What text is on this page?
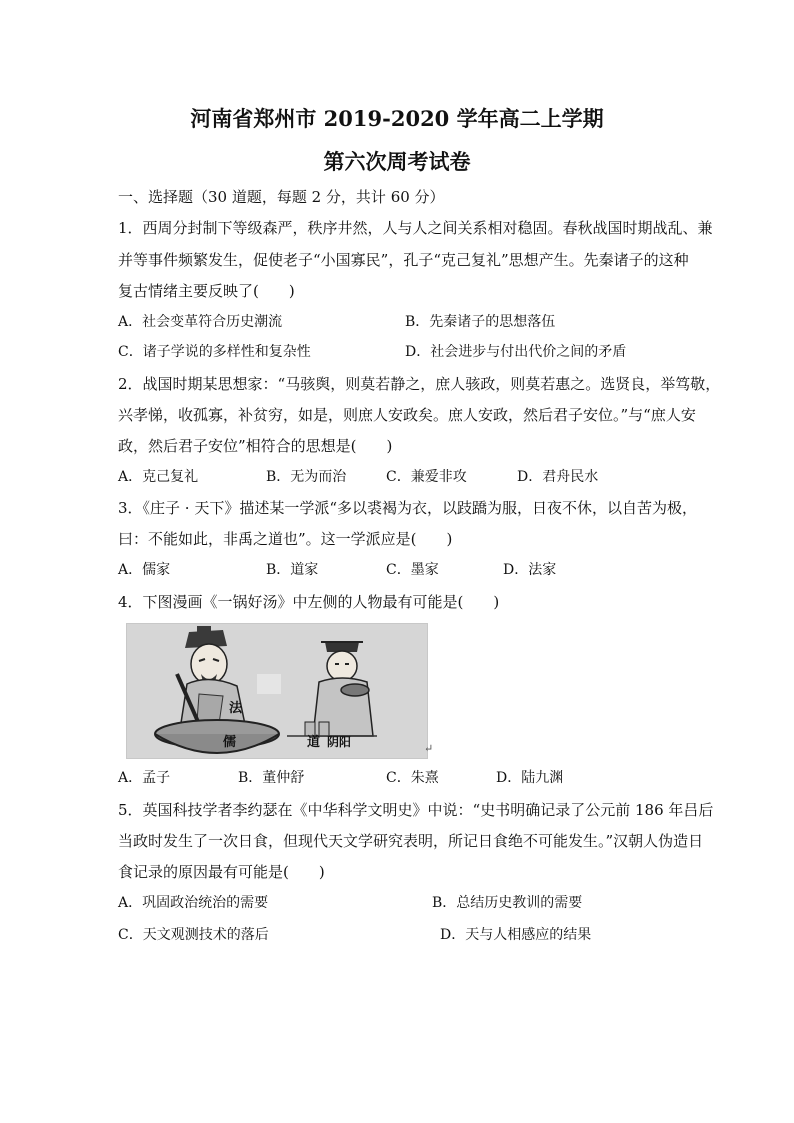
河南省郑州市 2019-2020 学年高二上学期
第六次周考试卷
一、选择题（30 道题，每题 2 分，共计 60 分）
1．西周分封制下等级森严，秩序井然，人与人之间关系相对稳固。春秋战国时期战乱、兼
并等事件频繁发生，促使老子“小国寡民”，孔子“克己复礼”思想产生。先秦诸子的这种
复古情绪主要反映了(　　)
A．社会变革符合历史潮流	B．先秦诸子的思想落伍
C．诸子学说的多样性和复杂性	D．社会进步与付出代价之间的矛盾
2．战国时期某思想家：“马骇舆，则莫若静之，庶人骇政，则莫若惠之。选贤良，举笃敬，
兴孝悌，收孤寡，补贫穷，如是，则庶人安政矣。庶人安政，然后君子安位。”与“庶人安
政，然后君子安位”相符合的思想是(　　)
A．克己复礼	B．无为而治	C．兼爱非攻	D．君舟民水
3．《庄子 · 天下》描述某一学派“多以裘褐为衣，以跂蹻为服，日夜不休，以自苦为极，
曰：不能如此，非禹之道也”。这一学派应是(　　)
A．儒家	B．道家	C．墨家	D．法家
4．下图漫画《一锅好汤》中左侧的人物最有可能是(　　)
法
儒	道 阴阳	↵
A．孟子	B．董仲舒	C．朱熹	D．陆九渊
5．英国科技学者李约瑟在《中华科学文明史》中说：“史书明确记录了公元前 186 年吕后
当政时发生了一次日食，但现代天文学研究表明，所记日食绝不可能发生。”汉朝人伪造日
食记录的原因最有可能是(　　)
A．巩固政治统治的需要	B．总结历史教训的需要
C．天文观测技术的落后	D．天与人相感应的结果
